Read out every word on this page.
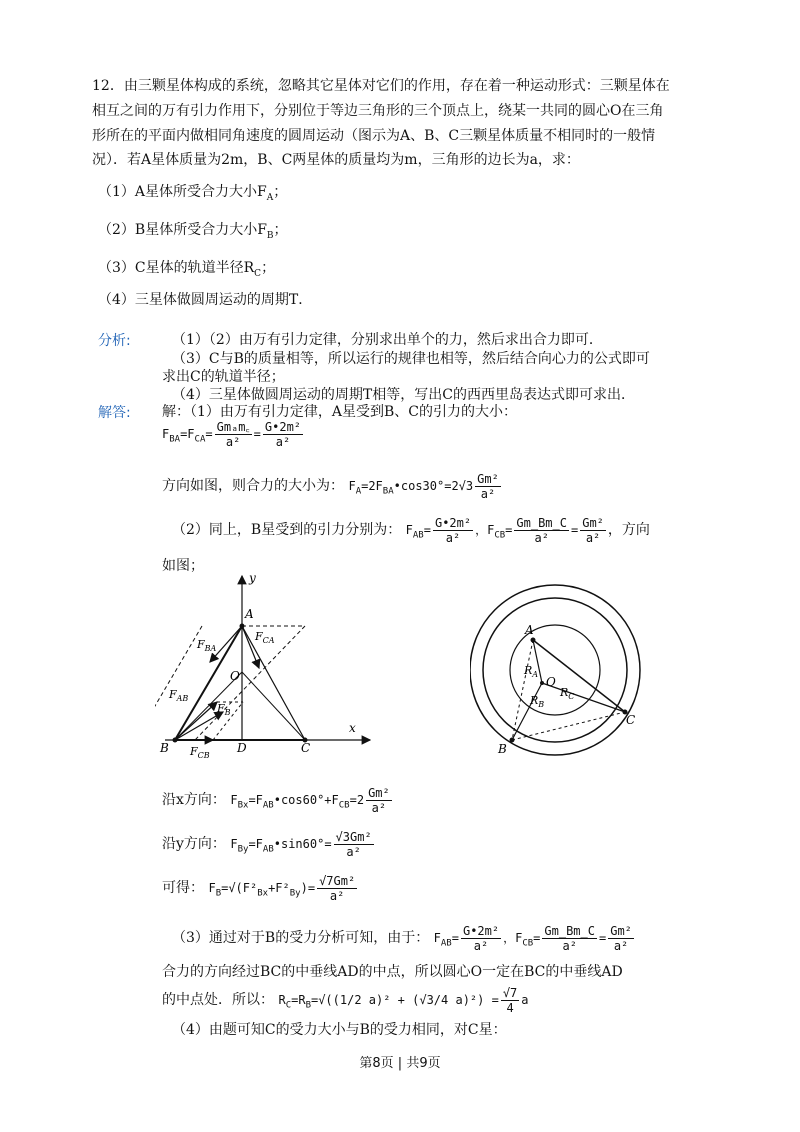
12．由三颗星体构成的系统，忽略其它星体对它们的作用，存在着一种运动形式：三颗星体在
相互之间的万有引力作用下，分别位于等边三角形的三个顶点上，绕某一共同的圆心O在三角
形所在的平面内做相同角速度的圆周运动（图示为A、B、C三颗星体质量不相同时的一般情
况）．若A星体质量为2m，B、C两星体的质量均为m，三角形的边长为a，求：
（1）A星体所受合力大小$F_A$；
（2）B星体所受合力大小$F_B$；
（3）C星体的轨道半径$R_C$；
（4）三星体做圆周运动的周期T．
分析:	（1）（2）由万有引力定律，分别求出单个的力，然后求出合力即可．
（3）C与B的质量相等，所以运行的规律也相等，然后结合向心力的公式即可
求出C的轨道半径；
（4）三星体做圆周运动的周期T相等，写出C的西西里岛表达式即可求出．
解答: 解：（1）由万有引力定律，A星受到B、C的引力的大小：
$F_{BA}=F_{CA}= \frac{\text{Gmₐm꜀}}{\text{a²}} = \frac{\text{G•2m²}}{\text{a²}}$
方向如图，则合力的大小为： $F_A=2F_{BA}•\cos 30^\circ=2√3 \frac{\text{Gm²}}{\text{a²}}$
（2）同上，B星受到的引力分别为： $F_{AB}= \frac{\text{G•2m²}}{\text{a²}}$ ，$F_{CB}= \frac{Gm\_Bm\_C}{\text{a²}} = \frac{\text{Gm²}}{\text{a²}}$ ，方向
如图；
y
A
$F_{BA}$
$F_{CA}$
O
$F_{AB}$
$F_B$
B $F_{CB}$
D	C
x
A
$R_A$
O
$R_B$
$R_C$
C
B
沿x方向： $F_{Bx}=F_{AB}•\cos 60^\circ+F_{CB}=2 \frac{\text{Gm²}}{\text{a²}}$
沿y方向： $F_{By}=F_{AB}•\sin 60^\circ= \frac{\text{√3Gm²}}{\text{a²}}$
可得： $F_B=√(F^2_{Bx}+F^2_{By})= \frac{\text{√7Gm²}}{\text{a²}}$
（3）通过对于B的受力分析可知，由于： $F_{AB}= \frac{\text{G•2m²}}{\text{a²}}$ ，$F_{CB}= \frac{Gm\_Bm\_C}{\text{a²}} = \frac{\text{Gm²}}{\text{a²}}$
合力的方向经过BC的中垂线AD的中点，所以圆心O一定在BC的中垂线AD
的中点处．所以： $R_C=R_B=√((1/2$ a)² + (√3/4 $a)^2) = \frac{√7}{4}$ a
（4）由题可知C的受力大小与B的受力相同，对C星：
第8页 | 共9页
